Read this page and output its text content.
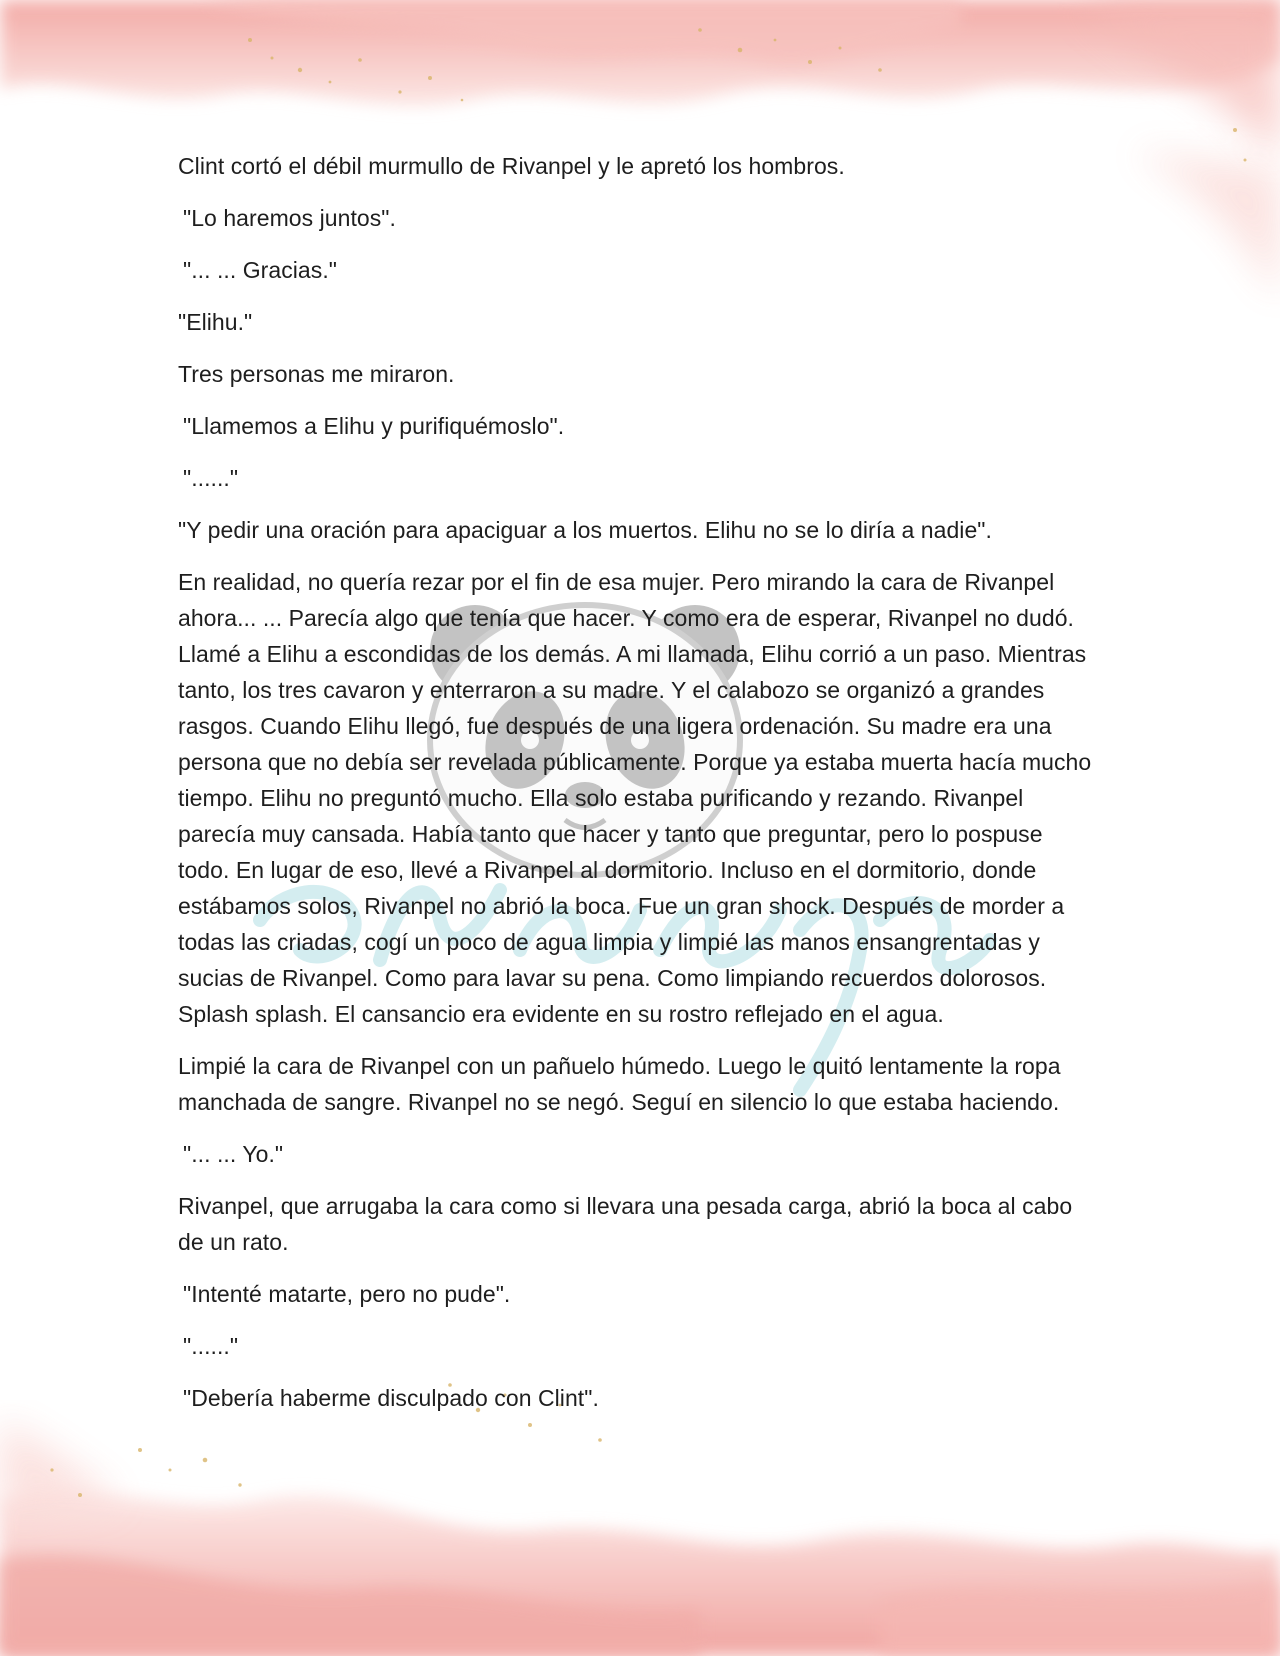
Clint cortó el débil murmullo de Rivanpel y le apretó los hombros.

"Lo haremos juntos".

"... ... Gracias."

"Elihu."

Tres personas me miraron.

"Llamemos a Elihu y purifiquémoslo".

"......"

"Y pedir una oración para apaciguar a los muertos. Elihu no se lo diría a nadie".

En realidad, no quería rezar por el fin de esa mujer. Pero mirando la cara de Rivanpel ahora... ... Parecía algo que tenía que hacer. Y como era de esperar, Rivanpel no dudó. Llamé a Elihu a escondidas de los demás. A mi llamada, Elihu corrió a un paso. Mientras tanto, los tres cavaron y enterraron a su madre. Y el calabozo se organizó a grandes rasgos. Cuando Elihu llegó, fue después de una ligera ordenación. Su madre era una persona que no debía ser revelada públicamente. Porque ya estaba muerta hacía mucho tiempo. Elihu no preguntó mucho. Ella solo estaba purificando y rezando. Rivanpel parecía muy cansada. Había tanto que hacer y tanto que preguntar, pero lo pospuse todo. En lugar de eso, llevé a Rivanpel al dormitorio. Incluso en el dormitorio, donde estábamos solos, Rivanpel no abrió la boca. Fue un gran shock. Después de morder a todas las criadas, cogí un poco de agua limpia y limpié las manos ensangrentadas y sucias de Rivanpel. Como para lavar su pena. Como limpiando recuerdos dolorosos. Splash splash. El cansancio era evidente en su rostro reflejado en el agua.

Limpié la cara de Rivanpel con un pañuelo húmedo. Luego le quitó lentamente la ropa manchada de sangre. Rivanpel no se negó. Seguí en silencio lo que estaba haciendo.

"... ... Yo."

Rivanpel, que arrugaba la cara como si llevara una pesada carga, abrió la boca al cabo de un rato.

"Intenté matarte, pero no pude".

"......"

"Debería haberme disculpado con Clint".
